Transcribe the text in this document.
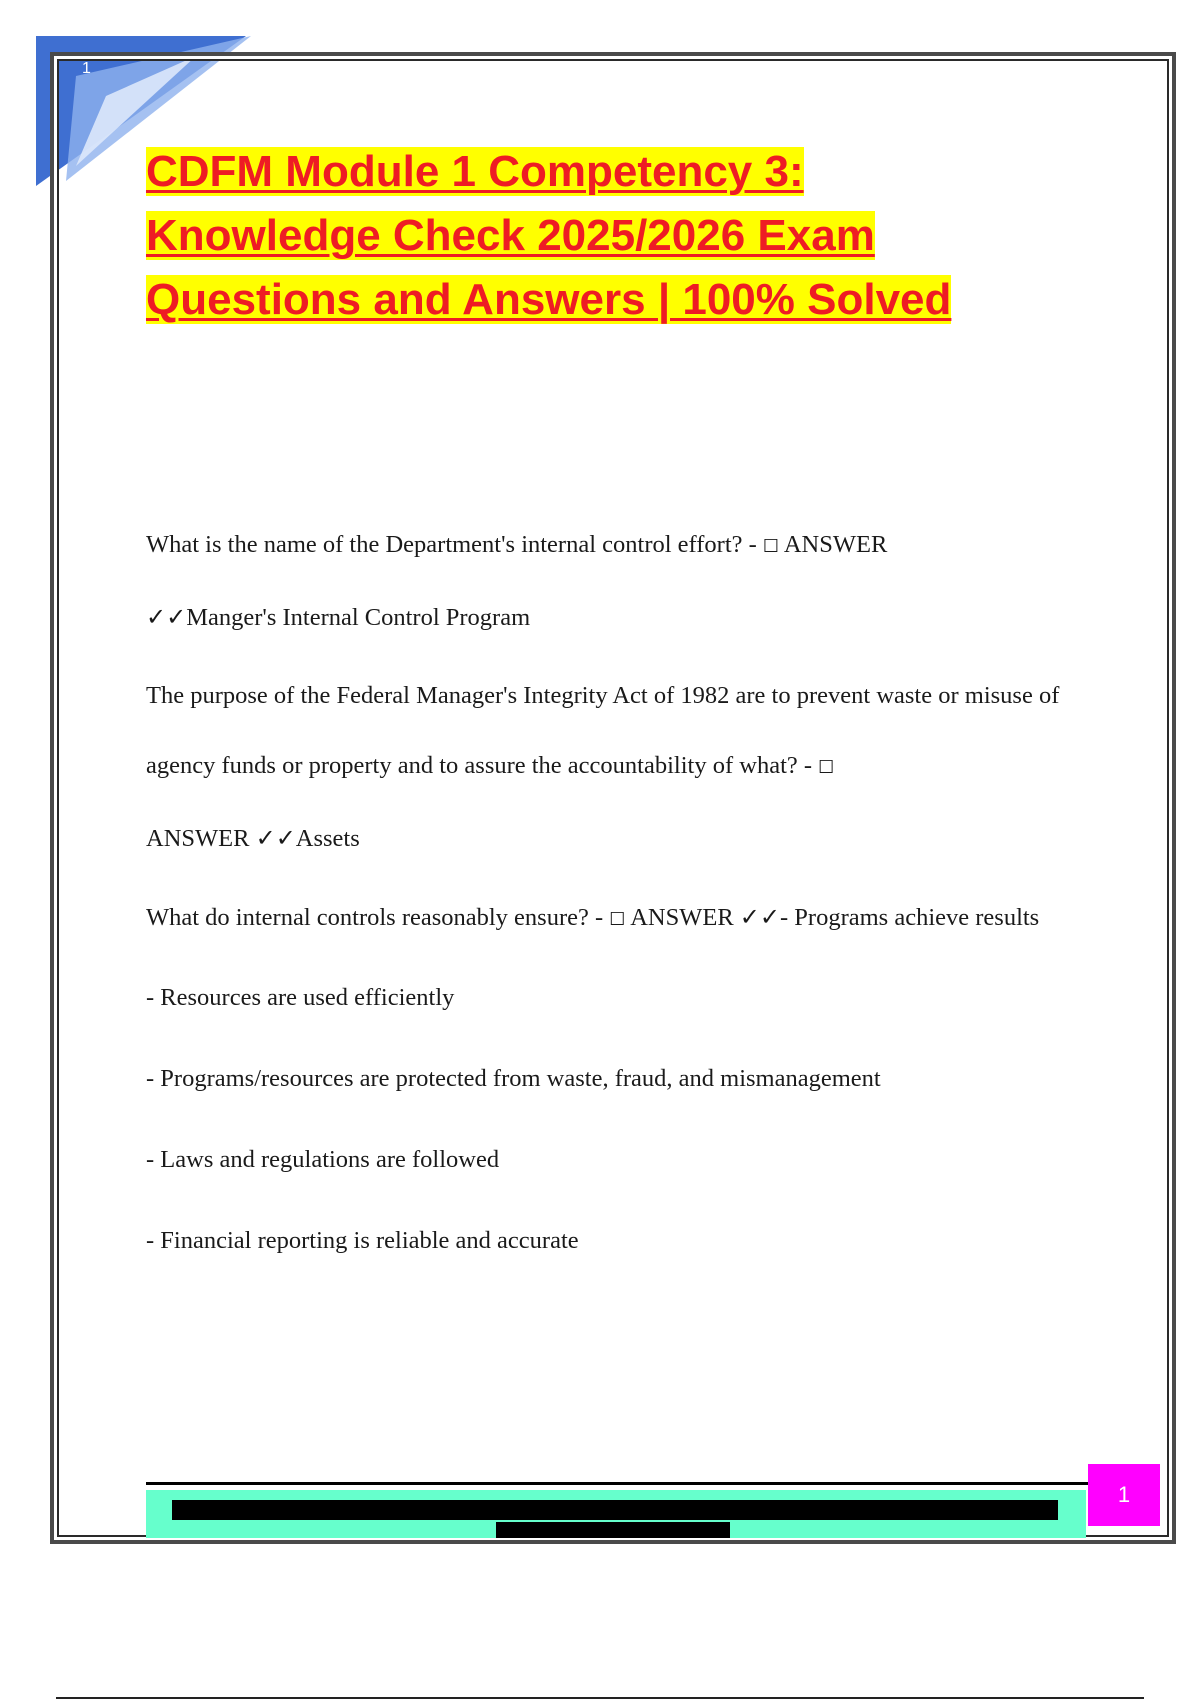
1
CDFM Module 1 Competency 3:
Knowledge Check 2025/2026 Exam
Questions and Answers | 100% Solved

What is the name of the Department's internal control effort? - ☐ ANSWER
✓✓Manger's Internal Control Program

The purpose of the Federal Manager's Integrity Act of 1982 are to prevent waste or misuse of agency funds or property and to assure the accountability of what? - ☐
ANSWER ✓✓Assets

What do internal controls reasonably ensure? - ☐ ANSWER ✓✓- Programs achieve results

- Resources are used efficiently

- Programs/resources are protected from waste, fraud, and mismanagement

- Laws and regulations are followed

- Financial reporting is reliable and accurate

1
